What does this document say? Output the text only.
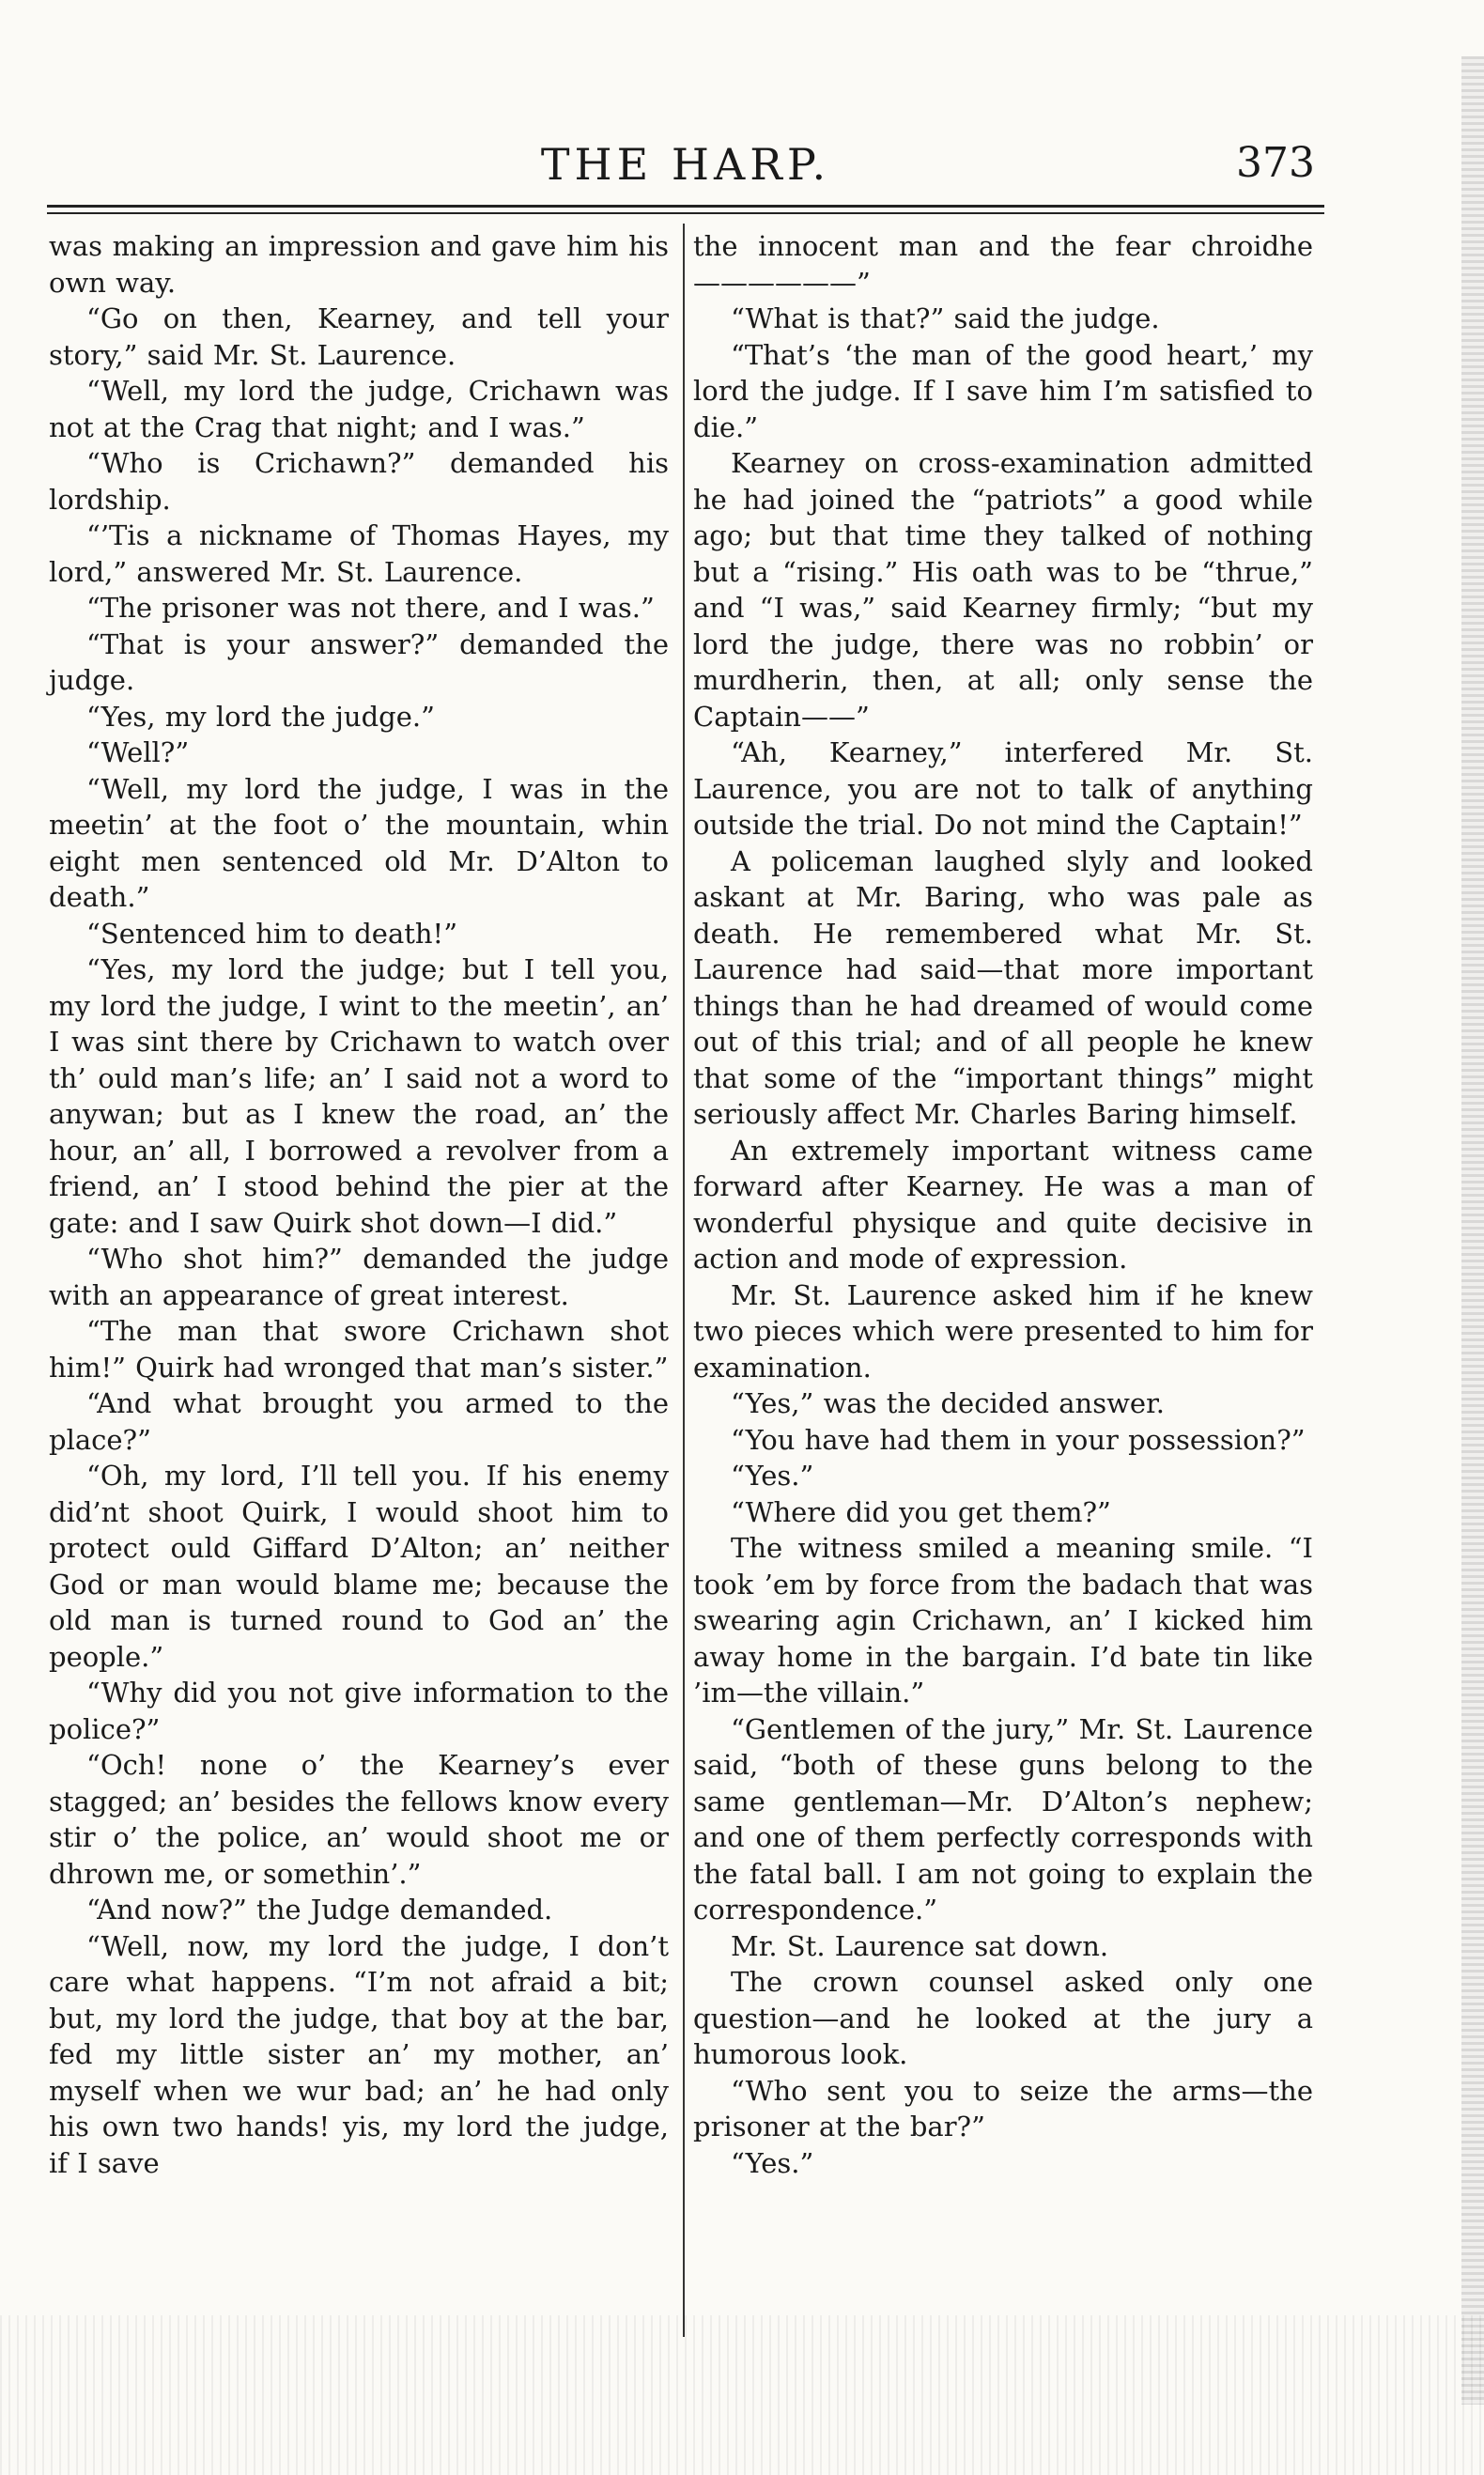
THE HARP.	373

was making an impression and gave him his own way.

“Go on then, Kearney, and tell your story,” said Mr. St. Laurence.

“Well, my lord the judge, Crichawn was not at the Crag that night; and I was.”

“Who is Crichawn?” demanded his lordship.

“’Tis a nickname of Thomas Hayes, my lord,” answered Mr. St. Laurence.

“The prisoner was not there, and I was.”

“That is your answer?” demanded the judge.

“Yes, my lord the judge.”

“Well?”

“Well, my lord the judge, I was in the meetin’ at the foot o’ the mountain, whin eight men sentenced old Mr. D’Alton to death.”

“Sentenced him to death!”

“Yes, my lord the judge; but I tell you, my lord the judge, I wint to the meetin’, an’ I was sint there by Crichawn to watch over th’ ould man’s life; an’ I said not a word to anywan; but as I knew the road, an’ the hour, an’ all, I borrowed a revolver from a friend, an’ I stood behind the pier at the gate: and I saw Quirk shot down—I did.”

“Who shot him?” demanded the judge with an appearance of great interest.

“The man that swore Crichawn shot him!” Quirk had wronged that man’s sister.”

“And what brought you armed to the place?”

“Oh, my lord, I’ll tell you. If his enemy did’nt shoot Quirk, I would shoot him to protect ould Giffard D’Alton; an’ neither God or man would blame me; because the old man is turned round to God an’ the people.”

“Why did you not give information to the police?”

“Och! none o’ the Kearney’s ever stagged; an’ besides the fellows know every stir o’ the police, an’ would shoot me or dhrown me, or somethin’.”

“And now?” the Judge demanded.

“Well, now, my lord the judge, I don’t care what happens. “I’m not afraid a bit; but, my lord the judge, that boy at the bar, fed my little sister an’ my mother, an’ myself when we wur bad; an’ he had only his own two hands! yis, my lord the judge, if I save

the innocent man and the fear chroidhe ——————”

“What is that?” said the judge.

“That’s ‘the man of the good heart,’ my lord the judge. If I save him I’m satisfied to die.”

Kearney on cross-examination admitted he had joined the “patriots” a good while ago; but that time they talked of nothing but a “rising.” His oath was to be “thrue,” and “I was,” said Kearney firmly; “but my lord the judge, there was no robbin’ or murdherin, then, at all; only sense the Captain——”

“Ah, Kearney,” interfered Mr. St. Laurence, you are not to talk of anything outside the trial. Do not mind the Captain!”

A policeman laughed slyly and looked askant at Mr. Baring, who was pale as death. He remembered what Mr. St. Laurence had said—that more important things than he had dreamed of would come out of this trial; and of all people he knew that some of the “important things” might seriously affect Mr. Charles Baring himself.

An extremely important witness came forward after Kearney. He was a man of wonderful physique and quite decisive in action and mode of expression.

Mr. St. Laurence asked him if he knew two pieces which were presented to him for examination.

“Yes,” was the decided answer.

“You have had them in your possession?”

“Yes.”

“Where did you get them?”

The witness smiled a meaning smile. “I took ’em by force from the badach that was swearing agin Crichawn, an’ I kicked him away home in the bargain. I’d bate tin like ’im—the villain.”

“Gentlemen of the jury,” Mr. St. Laurence said, “both of these guns belong to the same gentleman—Mr. D’Alton’s nephew; and one of them perfectly corresponds with the fatal ball. I am not going to explain the correspondence.”

Mr. St. Laurence sat down.

The crown counsel asked only one question—and he looked at the jury a humorous look.

“Who sent you to seize the arms—the prisoner at the bar?”

“Yes.”
